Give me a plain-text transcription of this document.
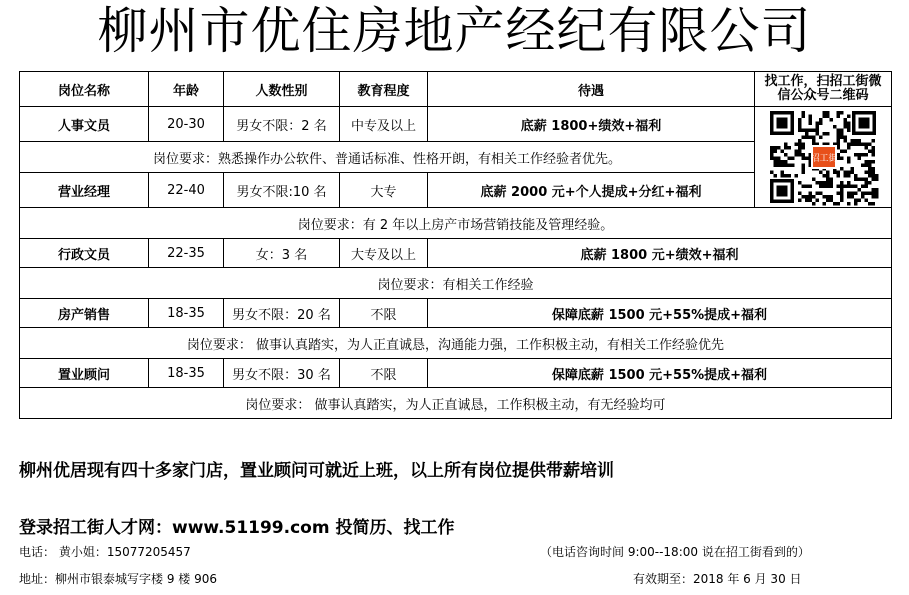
柳州市优住房地产经纪有限公司
岗位名称	年龄	人数性别	教育程度	待遇	找工作，扫招工街微
信公众号二维码
人事文员	20-30	男女不限：2 名	中专及以上	底薪 1800+绩效+福利	招工街

岗位要求：熟悉操作办公软件、普通话标准、性格开朗，有相关工作经验者优先。					
营业经理	22-40	男女不限:10 名	大专	底薪 2000 元+个人提成+分红+福利	
岗位要求：有 2 年以上房产市场营销技能及管理经验。					
行政文员	22-35	女：3 名	大专及以上	底薪 1800 元+绩效+福利	
岗位要求：有相关工作经验					
房产销售	18-35	男女不限：20 名	不限	保障底薪 1500 元+55%提成+福利	
岗位要求： 做事认真踏实，为人正直诚恳，沟通能力强，工作积极主动，有相关工作经验优先					
置业顾问	18-35	男女不限：30 名	不限	保障底薪 1500 元+55%提成+福利	
岗位要求： 做事认真踏实，为人正直诚恳，工作积极主动，有无经验均可					
柳州优居现有四十多家门店，置业顾问可就近上班，以上所有岗位提供带薪培训
登录招工街人才网：www.51199.com 投简历、找工作
电话： 黄小姐：15077205457	（电话咨询时间 9:00--18:00 说在招工街看到的）
地址：柳州市银泰城写字楼 9 楼 906	有效期至：2018 年 6 月 30 日
